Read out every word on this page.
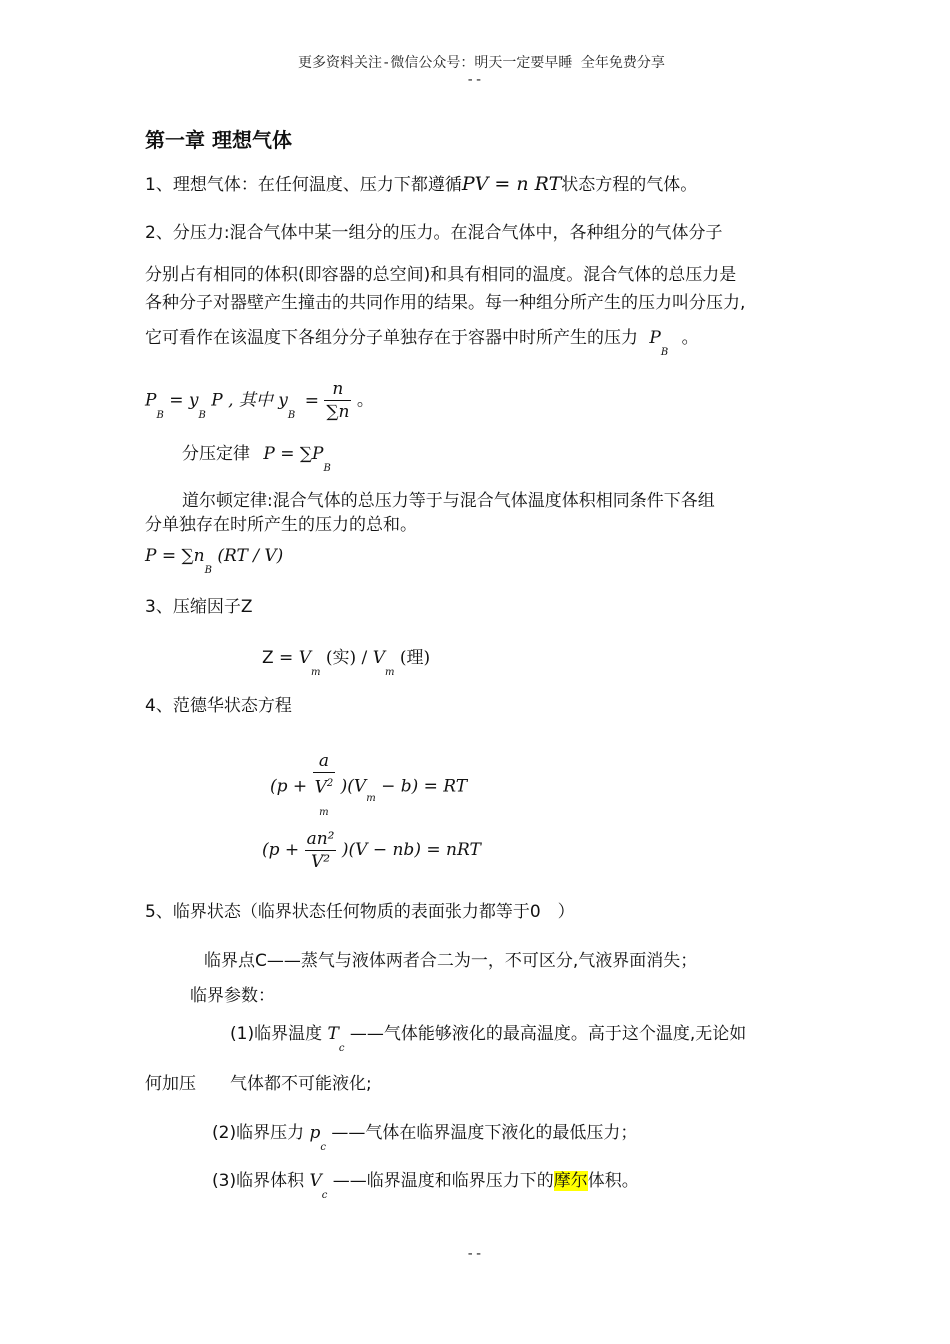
更多资料关注-微信公众号：明天一定要早睡 全年免费分享
--
第一章 理想气体
1、理想气体：在任何温度、压力下都遵循PV = n RT状态方程的气体。
2、分压力:混合气体中某一组分的压力。在混合气体中，各种组分的气体分子
分别占有相同的体积(即容器的总空间)和具有相同的温度。混合气体的总压力是
各种分子对器壁产生撞击的共同作用的结果。每一种组分所产生的压力叫分压力,
它可看作在该温度下各组分分子单独存在于容器中时所产生的压力 $P_B$ 。
$P_B = y_B$ P , 其中 $y_B = \frac{n}{\sum n}$ 。
分压定律 $P = \sum P_B$
道尔顿定律:混合气体的总压力等于与混合气体温度体积相同条件下各组
分单独存在时所产生的压力的总和。
$P = \sum n_B$ (RT / V)
3、压缩因子Z
$Z = V_m$ (实) / $V_m$ (理)
4、范德华状态方程
(p +
a
$V^2$
m
)$(V_m - b)$ = RT
$(p + \frac{\text{an²}}{\text{V²}} )(V - nb)$ = nRT
5、临界状态（临界状态任何物质的表面张力都等于0　）
临界点C——蒸气与液体两者合二为一，不可区分,气液界面消失；
临界参数：
(1)临界温度 $T_c$ ——气体能够液化的最高温度。高于这个温度,无论如
何加压　　气体都不可能液化;
(2)临界压力 $p_c$ ——气体在临界温度下液化的最低压力；
(3)临界体积 $V_c$ ——临界温度和临界压力下的摩尔体积。
--
